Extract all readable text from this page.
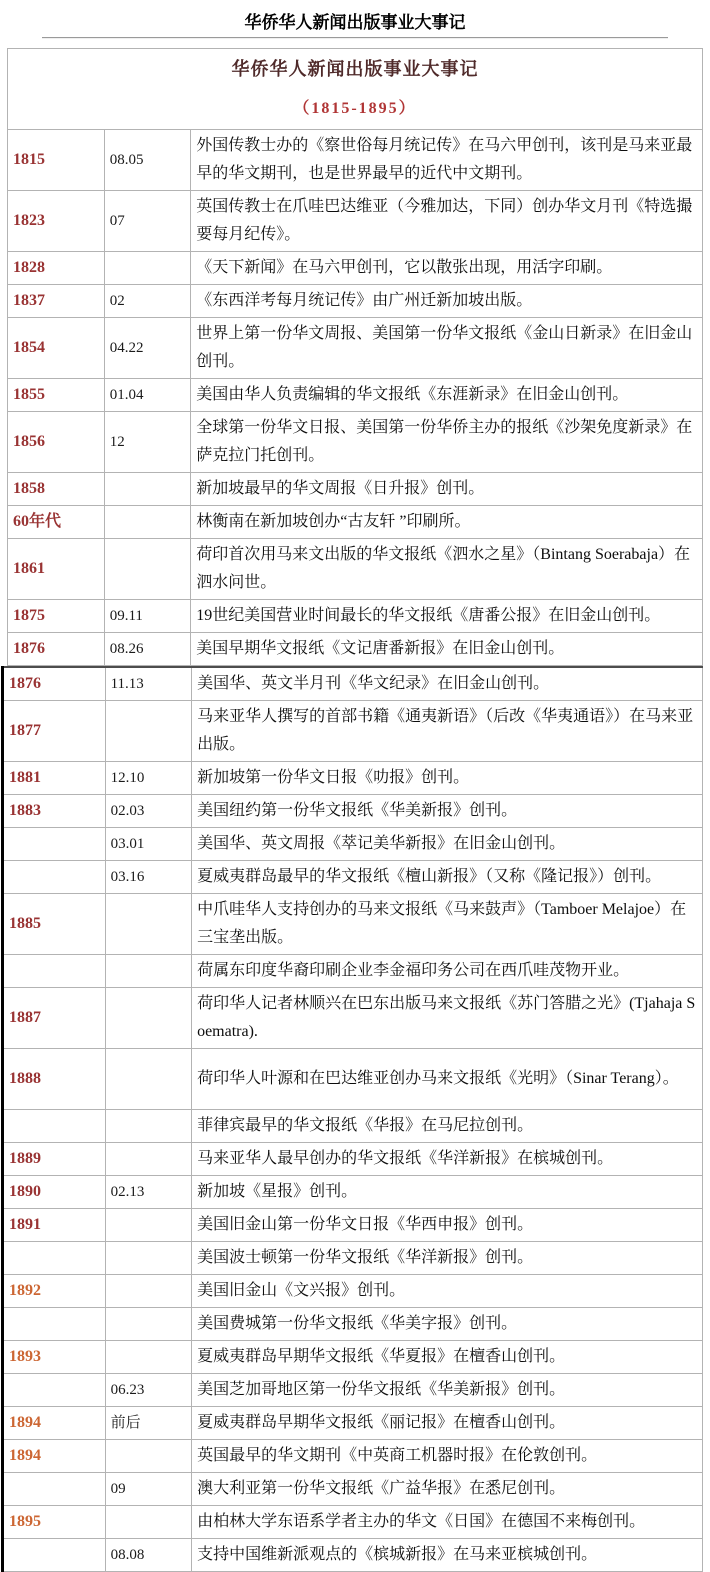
华侨华人新闻出版事业大事记
华侨华人新闻出版事业大事记
（1815-1895）		

1815	08.05	外国传教士办的《察世俗每月统记传》在马六甲创刊，该刊是马来亚最早的华文期刊，也是世界最早的近代中文期刊。
1823	07	英国传教士在爪哇巴达维亚（今雅加达，下同）创办华文月刊《特选撮要每月纪传》。
1828		《天下新闻》在马六甲创刊，它以散张出现，用活字印刷。
1837	02	《东西洋考每月统记传》由广州迁新加坡出版。
1854	04.22	世界上第一份华文周报、美国第一份华文报纸《金山日新录》在旧金山创刊。
1855	01.04	美国由华人负责编辑的华文报纸《东涯新录》在旧金山创刊。
1856	12	全球第一份华文日报、美国第一份华侨主办的报纸《沙架免度新录》在萨克拉门托创刊。
1858		新加坡最早的华文周报《日升报》创刊。
60年代		林衡南在新加坡创办“古友轩 ”印刷所。
1861		荷印首次用马来文出版的华文报纸《泗水之星》（Bintang Soerabaja）在泗水问世。
1875	09.11	19世纪美国营业时间最长的华文报纸《唐番公报》在旧金山创刊。
1876	08.26	美国早期华文报纸《文记唐番新报》在旧金山创刊。
1876	11.13	美国华、英文半月刊《华文纪录》在旧金山创刊。
1877		马来亚华人撰写的首部书籍《通夷新语》（后改《华夷通语》）在马来亚出版。
1881	12.10	新加坡第一份华文日报《叻报》创刊。
1883	02.03	美国纽约第一份华文报纸《华美新报》创刊。
	03.01	美国华、英文周报《萃记美华新报》在旧金山创刊。
	03.16	夏威夷群岛最早的华文报纸《檀山新报》（又称《隆记报》）创刊。
1885		中爪哇华人支持创办的马来文报纸《马来鼓声》（Tamboer Melajoe）在三宝垄出版。
		荷属东印度华裔印刷企业李金福印务公司在西爪哇茂物开业。
1887		荷印华人记者林顺兴在巴东出版马来文报纸《苏门答腊之光》(Tjahaja Soematra).
1888		荷印华人叶源和在巴达维亚创办马来文报纸《光明》（Sinar Terang）。
		菲律宾最早的华文报纸《华报》在马尼拉创刊。
1889		马来亚华人最早创办的华文报纸《华洋新报》在槟城创刊。
1890	02.13	新加坡《星报》创刊。
1891		美国旧金山第一份华文日报《华西申报》创刊。
		美国波士顿第一份华文报纸《华洋新报》创刊。
1892		美国旧金山《文兴报》创刊。
		美国费城第一份华文报纸《华美字报》创刊。
1893		夏威夷群岛早期华文报纸《华夏报》在檀香山创刊。
	06.23	美国芝加哥地区第一份华文报纸《华美新报》创刊。
1894	前后	夏威夷群岛早期华文报纸《丽记报》在檀香山创刊。
1894		英国最早的华文期刊《中英商工机器时报》在伦敦创刊。
	09	澳大利亚第一份华文报纸《广益华报》在悉尼创刊。
1895		由柏林大学东语系学者主办的华文《日国》在德国不来梅创刊。
	08.08	支持中国维新派观点的《槟城新报》在马来亚槟城创刊。
